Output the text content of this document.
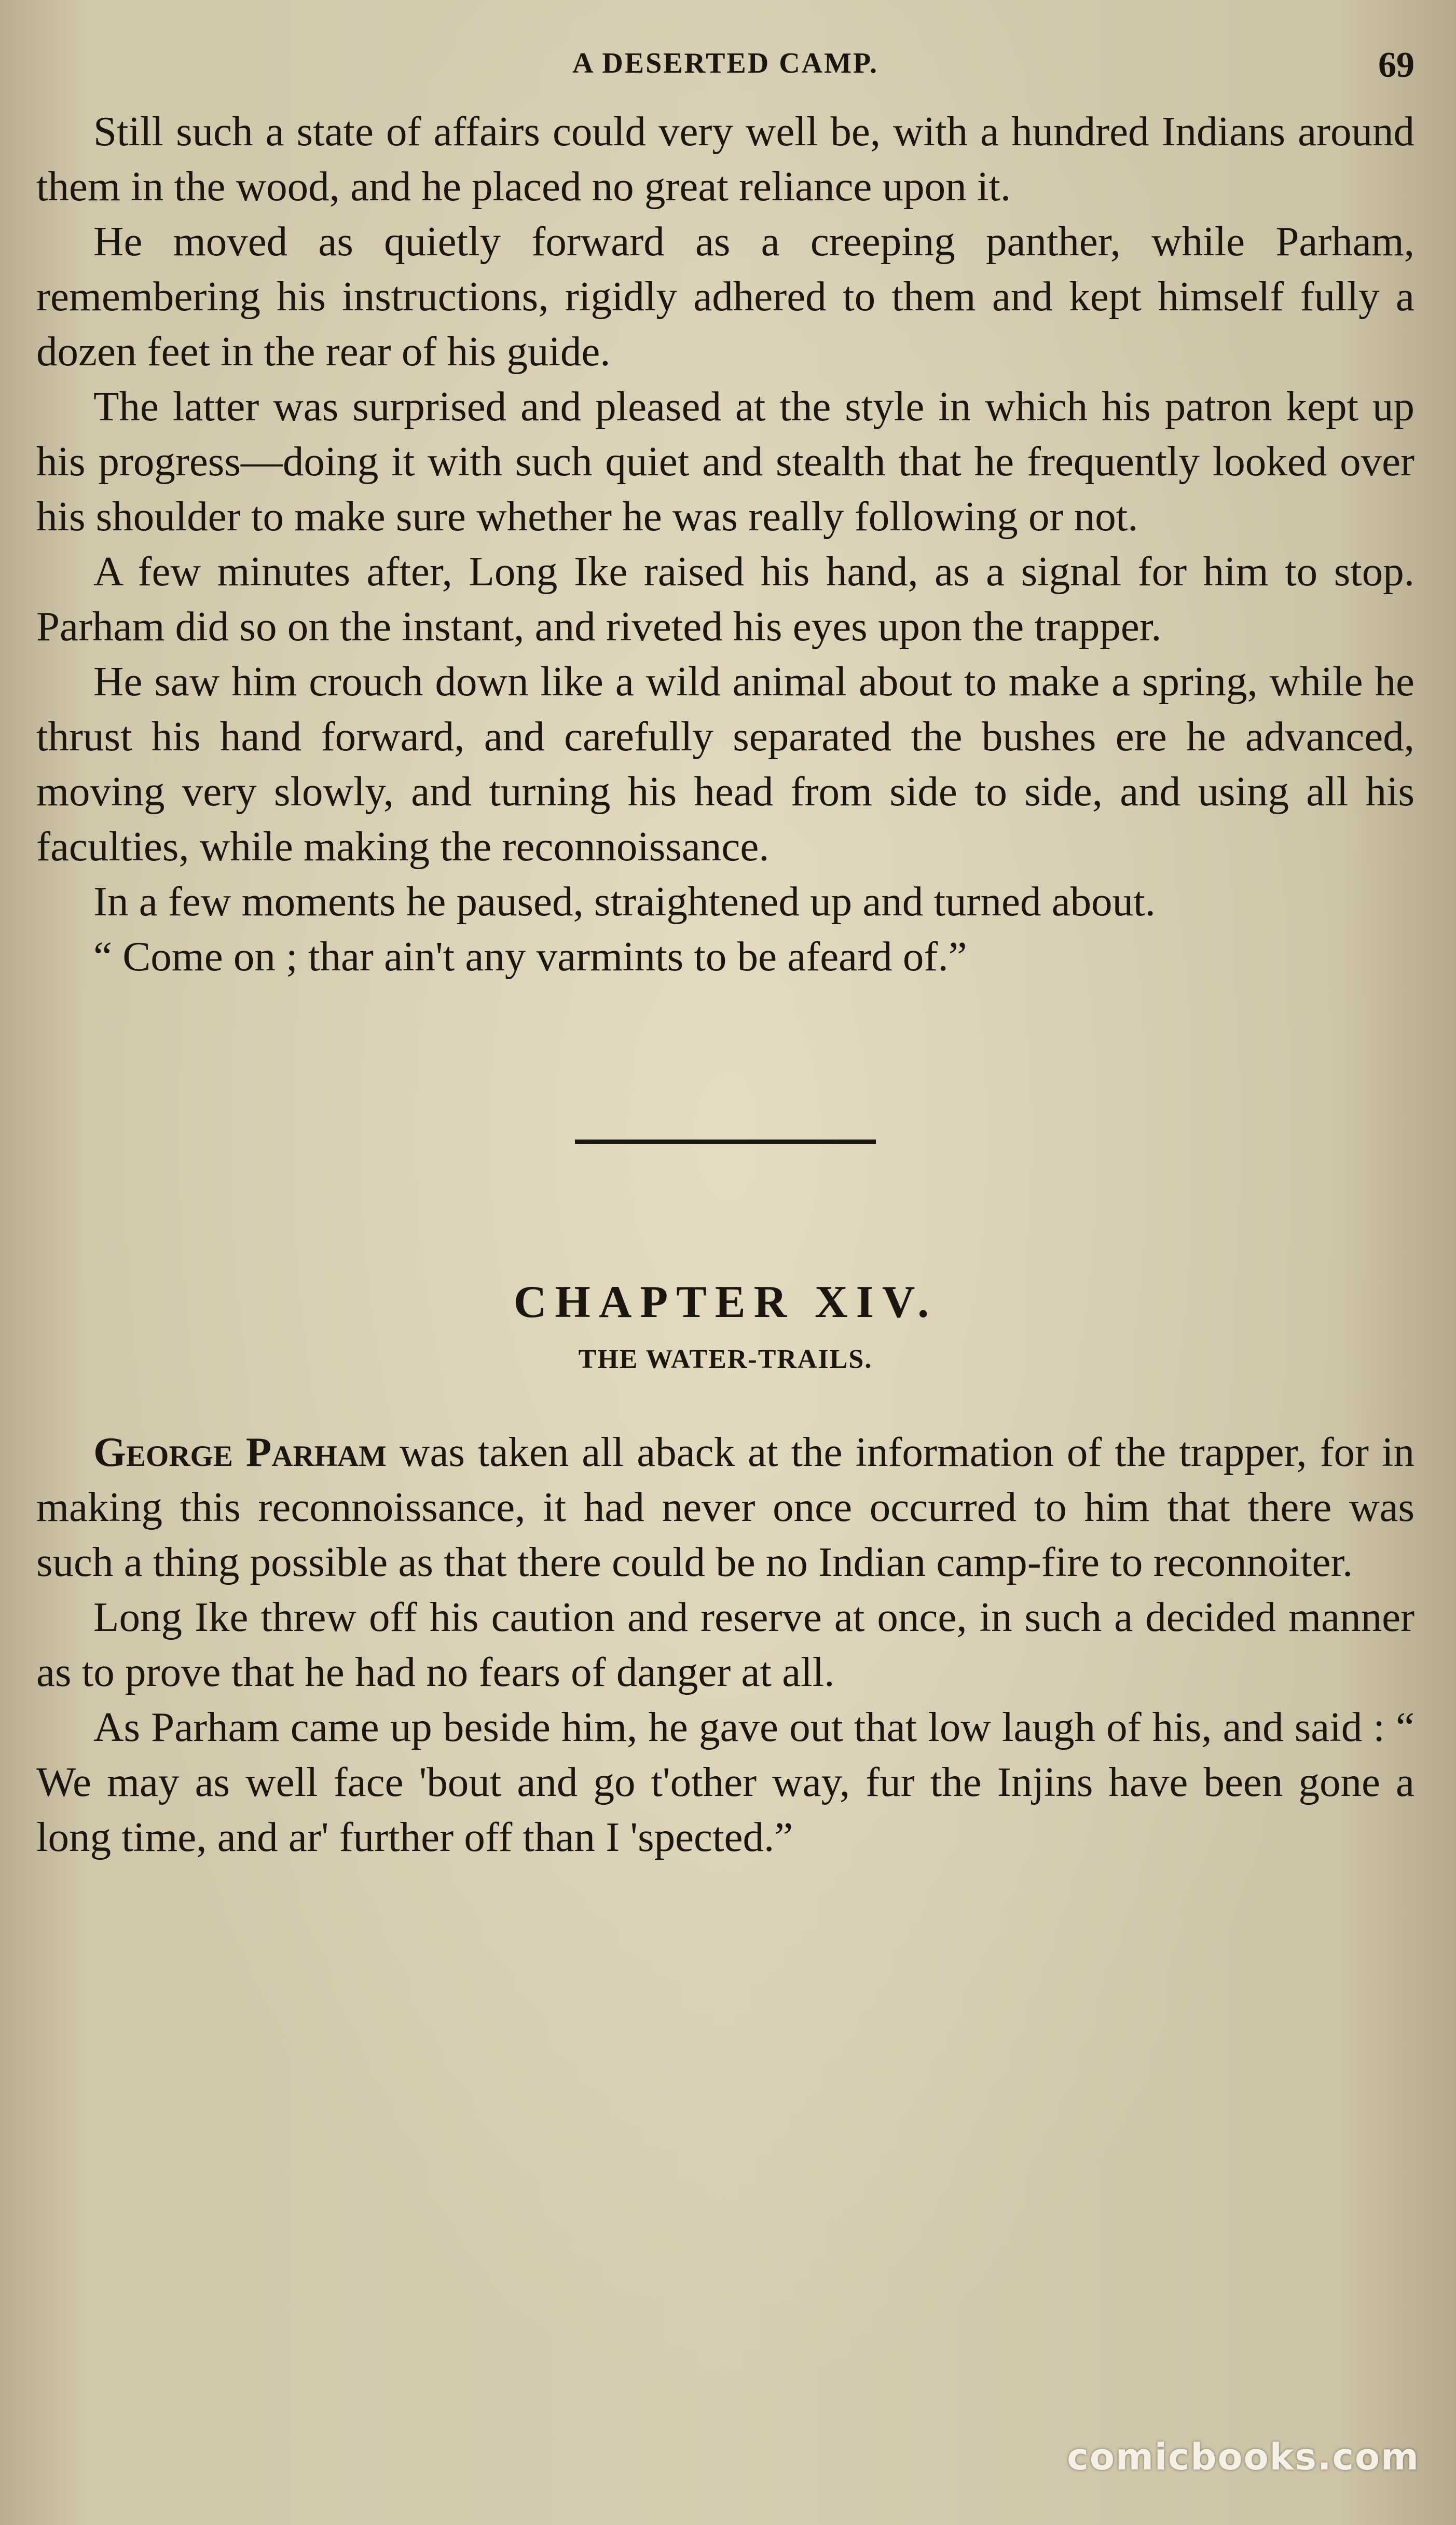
A DESERTED CAMP.	69

Still such a state of affairs could very well be, with a hundred Indians around them in the wood, and he placed no great reliance upon it.

He moved as quietly forward as a creeping panther, while Parham, remembering his instructions, rigidly adhered to them and kept himself fully a dozen feet in the rear of his guide.

The latter was surprised and pleased at the style in which his patron kept up his progress—doing it with such quiet and stealth that he frequently looked over his shoulder to make sure whether he was really following or not.

A few minutes after, Long Ike raised his hand, as a signal for him to stop. Parham did so on the instant, and riveted his eyes upon the trapper.

He saw him crouch down like a wild animal about to make a spring, while he thrust his hand forward, and carefully separated the bushes ere he advanced, moving very slowly, and turning his head from side to side, and using all his faculties, while making the reconnoissance.

In a few moments he paused, straightened up and turned about.

“ Come on ; thar ain't any varmints to be afeard of.”

CHAPTER XIV.
THE WATER-TRAILS.

George Parham was taken all aback at the information of the trapper, for in making this reconnoissance, it had never once occurred to him that there was such a thing possible as that there could be no Indian camp-fire to reconnoiter.

Long Ike threw off his caution and reserve at once, in such a decided manner as to prove that he had no fears of danger at all.

As Parham came up beside him, he gave out that low laugh of his, and said : “ We may as well face 'bout and go t'other way, fur the Injins have been gone a long time, and ar' further off than I 'spected.”

comicbooks.com
